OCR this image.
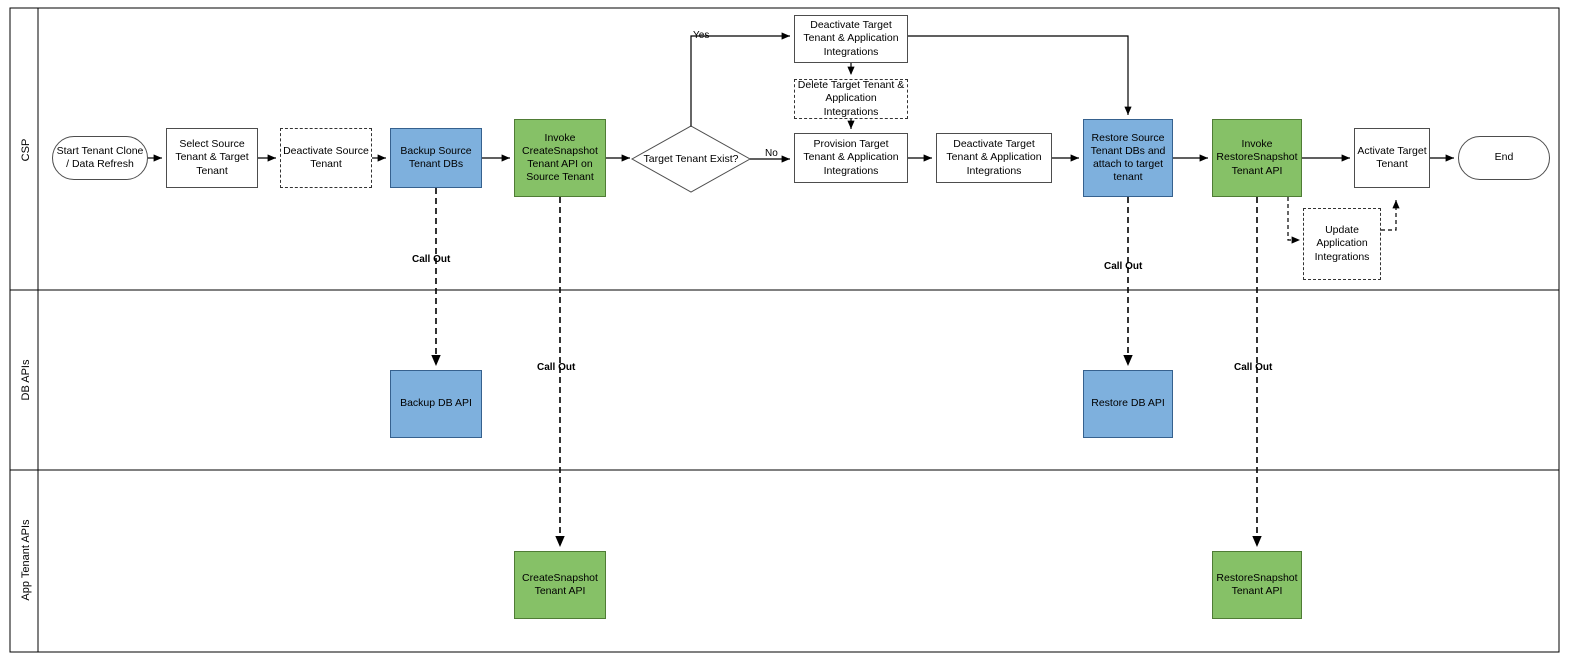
CSP
DB APIs
App Tenant APIs
Start Tenant Clone / Data Refresh
Select Source Tenant & Target Tenant
Deactivate Source Tenant
Backup Source Tenant DBs
Invoke CreateSnapshot Tenant API on Source Tenant
Target Tenant Exist?
Deactivate Target Tenant & Application Integrations
Delete Target Tenant & Application Integrations
Provision Target Tenant & Application Integrations
Deactivate Target Tenant & Application Integrations
Restore Source Tenant DBs and attach to target tenant
Invoke RestoreSnapshot Tenant API
Update Application Integrations
Activate Target Tenant
End
Backup DB API	Restore DB API
CreateSnapshot Tenant API
RestoreSnapshot Tenant API
Yes
No
Call Out
Call Out
Call Out
Call Out
